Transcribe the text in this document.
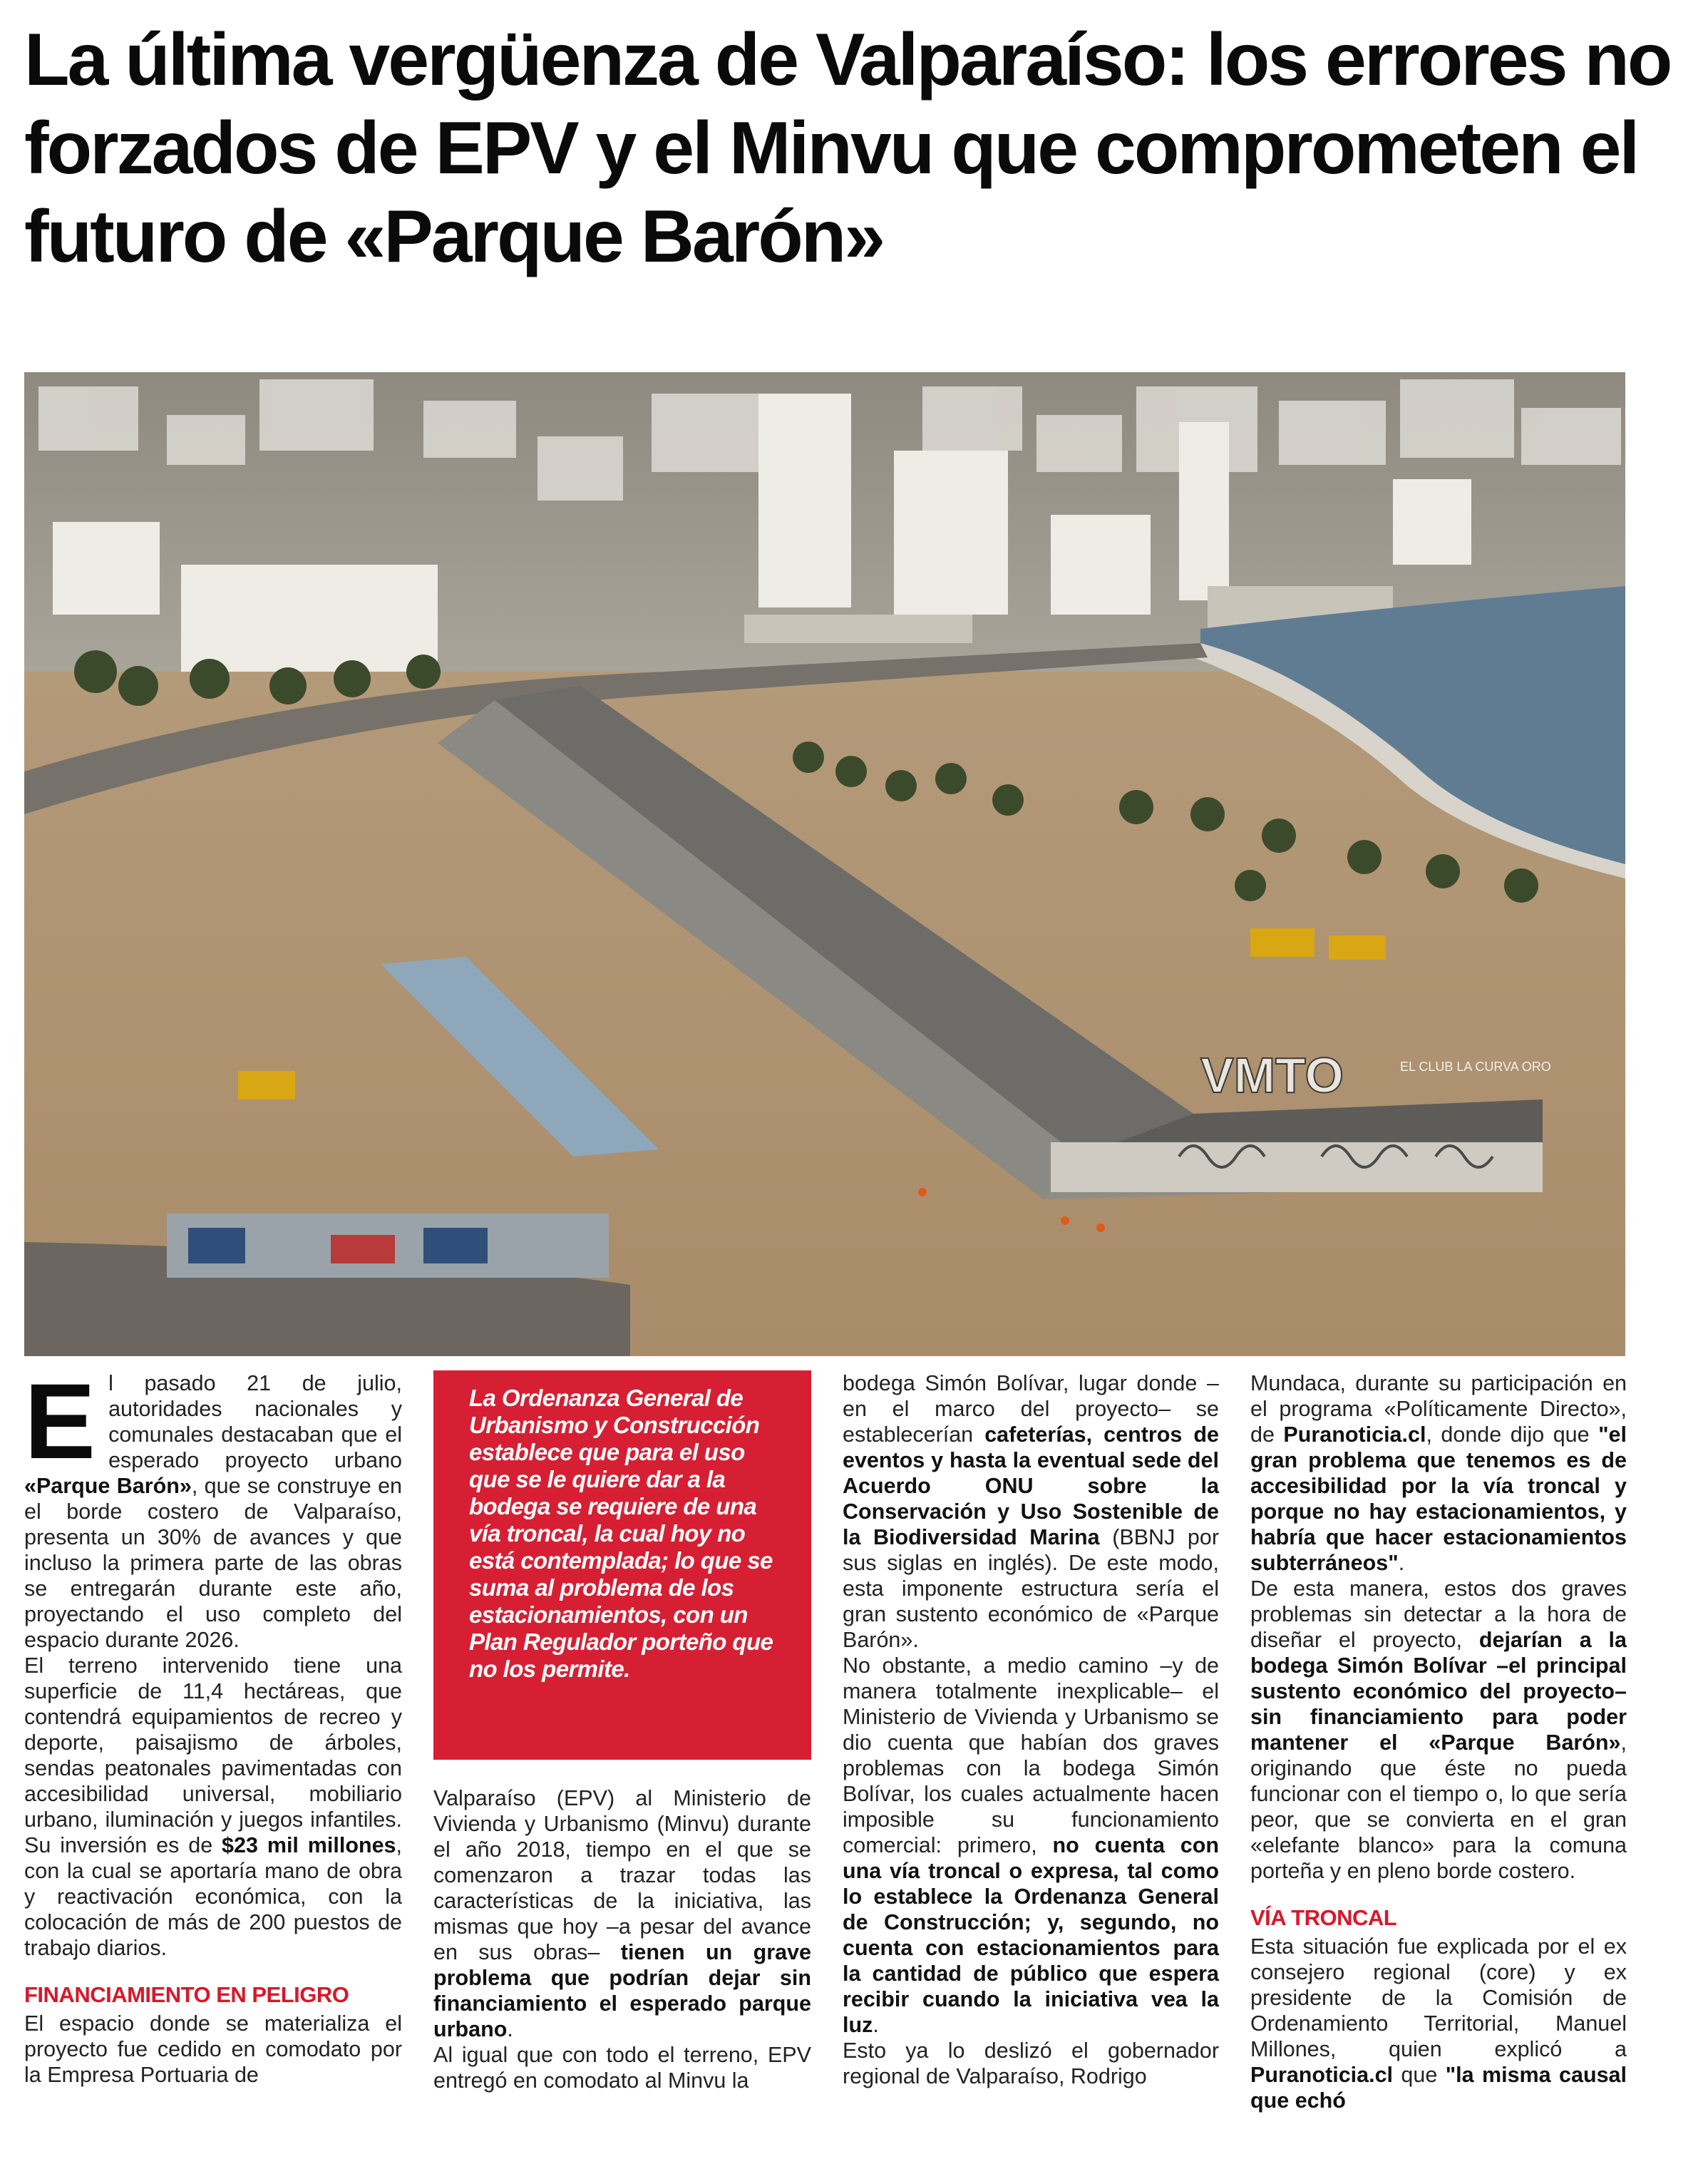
La última vergüenza de Valparaíso: los errores no forzados de EPV y el Minvu que comprometen el futuro de «Parque Barón»
VMTO	EL CLUB LA CURVA ORO

El pasado 21 de julio, autoridades nacionales y comunales destacaban que el esperado proyecto urbano «Parque Barón», que se construye en el borde costero de Valparaíso, presenta un 30% de avances y que incluso la primera parte de las obras se entregarán durante este año, proyectando el uso completo del espacio durante 2026.

El terreno intervenido tiene una superficie de 11,4 hectáreas, que contendrá equipamientos de recreo y deporte, paisajismo de árboles, sendas peatonales pavimentadas con accesibilidad universal, mobiliario urbano, iluminación y juegos infantiles. Su inversión es de $23 mil millones, con la cual se aportaría mano de obra y reactivación económica, con la colocación de más de 200 puestos de trabajo diarios.

FINANCIAMIENTO EN PELIGRO

El espacio donde se materializa el proyecto fue cedido en comodato por la Empresa Portuaria de

La Ordenanza General de Urbanismo y Construcción establece que para el uso que se le quiere dar a la bodega se requiere de una vía troncal, la cual hoy no está contemplada; lo que se suma al problema de los estacionamientos, con un Plan Regulador porteño que no los permite.

Valparaíso (EPV) al Ministerio de Vivienda y Urbanismo (Minvu) durante el año 2018, tiempo en el que se comenzaron a trazar todas las características de la iniciativa, las mismas que hoy –a pesar del avance en sus obras– tienen un grave problema que podrían dejar sin financiamiento el esperado parque urbano.

Al igual que con todo el terreno, EPV entregó en comodato al Minvu la

bodega Simón Bolívar, lugar donde –en el marco del proyecto– se establecerían cafeterías, centros de eventos y hasta la eventual sede del Acuerdo ONU sobre la Conservación y Uso Sostenible de la Biodiversidad Marina (BBNJ por sus siglas en inglés). De este modo, esta imponente estructura sería el gran sustento económico de «Parque Barón».

No obstante, a medio camino –y de manera totalmente inexplicable– el Ministerio de Vivienda y Urbanismo se dio cuenta que habían dos graves problemas con la bodega Simón Bolívar, los cuales actualmente hacen imposible su funcionamiento comercial: primero, no cuenta con una vía troncal o expresa, tal como lo establece la Ordenanza General de Construcción; y, segundo, no cuenta con estacionamientos para la cantidad de público que espera recibir cuando la iniciativa vea la luz.

Esto ya lo deslizó el gobernador regional de Valparaíso, Rodrigo

Mundaca, durante su participación en el programa «Políticamente Directo», de Puranoticia.cl, donde dijo que "el gran problema que tenemos es de accesibilidad por la vía troncal y porque no hay estacionamientos, y habría que hacer estacionamientos subterráneos".

De esta manera, estos dos graves problemas sin detectar a la hora de diseñar el proyecto, dejarían a la bodega Simón Bolívar –el principal sustento económico del proyecto– sin financiamiento para poder mantener el «Parque Barón», originando que éste no pueda funcionar con el tiempo o, lo que sería peor, que se convierta en el gran «elefante blanco» para la comuna porteña y en pleno borde costero.

VÍA TRONCAL

Esta situación fue explicada por el ex consejero regional (core) y ex presidente de la Comisión de Ordenamiento Territorial, Manuel Millones, quien explicó a Puranoticia.cl que "la misma causal que echó
